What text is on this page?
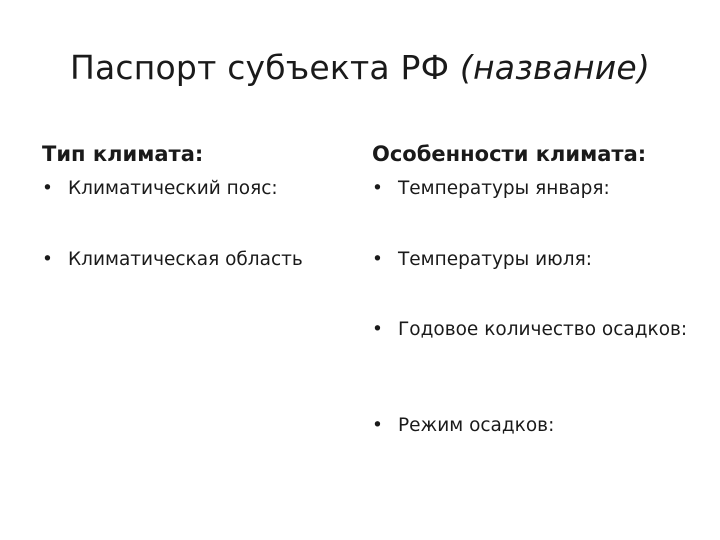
Паспорт субъекта РФ (название)

Тип климата:

• Климатический пояс:
• Климатическая область

Особенности климата:

• Температуры января:
• Температуры июля:
• Годовое количество осадков:
• Режим осадков:
